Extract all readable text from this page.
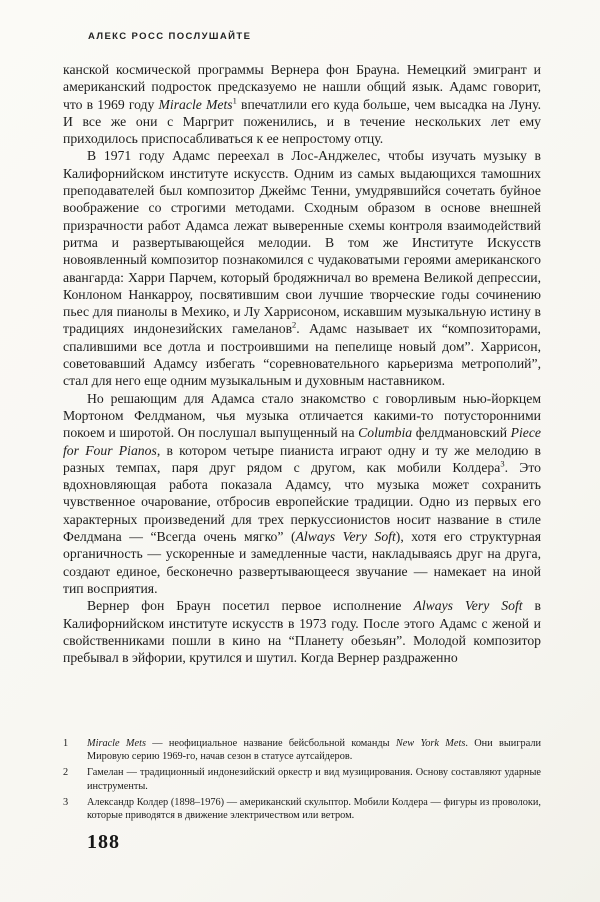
АЛЕКС РОСС ПОСЛУШАЙТЕ

канской космической программы Вернера фон Брауна. Немецкий эмигрант и американский подросток предсказуемо не нашли общий язык. Адамс говорит, что в 1969 году Miracle Mets$^1$ впечатлили его куда больше, чем высадка на Луну. И все же они с Маргрит поженились, и в течение нескольких лет ему приходилось приспосабливаться к ее непростому отцу.

В 1971 году Адамс переехал в Лос-Анджелес, чтобы изучать музыку в Калифорнийском институте искусств. Одним из самых выдающихся тамошних преподавателей был композитор Джеймс Тенни, умудрявшийся сочетать буйное воображение со строгими методами. Сходным образом в основе внешней призрачности работ Адамса лежат выверенные схемы контроля взаимодействий ритма и развертывающейся мелодии. В том же Институте Искусств новоявленный композитор познакомился с чудаковатыми героями американского авангарда: Харри Парчем, который бродяжничал во времена Великой депрессии, Конлоном Нанкарроу, посвятившим свои лучшие творческие годы сочинению пьес для пианолы в Мехико, и Лу Харрисоном, искавшим музыкальную истину в традициях индонезийских гамеланов$^2$. Адамс называет их “композиторами, спалившими все дотла и построившими на пепелище новый дом”. Харрисон, советовавший Адамсу избегать “соревновательного карьеризма метрополий”, стал для него еще одним музыкальным и духовным наставником.

Но решающим для Адамса стало знакомство с говорливым нью-йоркцем Мортоном Фелдманом, чья музыка отличается какими-то потусторонними покоем и широтой. Он послушал выпущенный на Columbia фелдмановский Piece for Four Pianos, в котором четыре пианиста играют одну и ту же мелодию в разных темпах, паря друг рядом с другом, как мобили Колдера$^3$. Это вдохновляющая работа показала Адамсу, что музыка может сохранить чувственное очарование, отбросив европейские традиции. Одно из первых его характерных произведений для трех перкуссионистов носит название в стиле Фелдмана — “Всегда очень мягко” (Always Very Soft), хотя его структурная органичность — ускоренные и замедленные части, накладываясь друг на друга, создают единое, бесконечно развертывающееся звучание — намекает на иной тип восприятия.

Вернер фон Браун посетил первое исполнение Always Very Soft в Калифорнийском институте искусств в 1973 году. После этого Адамс с женой и свойственниками пошли в кино на “Планету обезьян”. Молодой композитор пребывал в эйфории, крутился и шутил. Когда Вернер раздраженно

1	Miracle Mets — неофициальное название бейсбольной команды New York Mets. Они выиграли Мировую серию 1969-го, начав сезон в статусе аутсайдеров.
2	Гамелан — традиционный индонезийский оркестр и вид музицирования. Основу составляют ударные инструменты.
3	Александр Колдер (1898–1976) — американский скульптор. Мобили Колдера — фигуры из проволоки, которые приводятся в движение электричеством или ветром.
188
